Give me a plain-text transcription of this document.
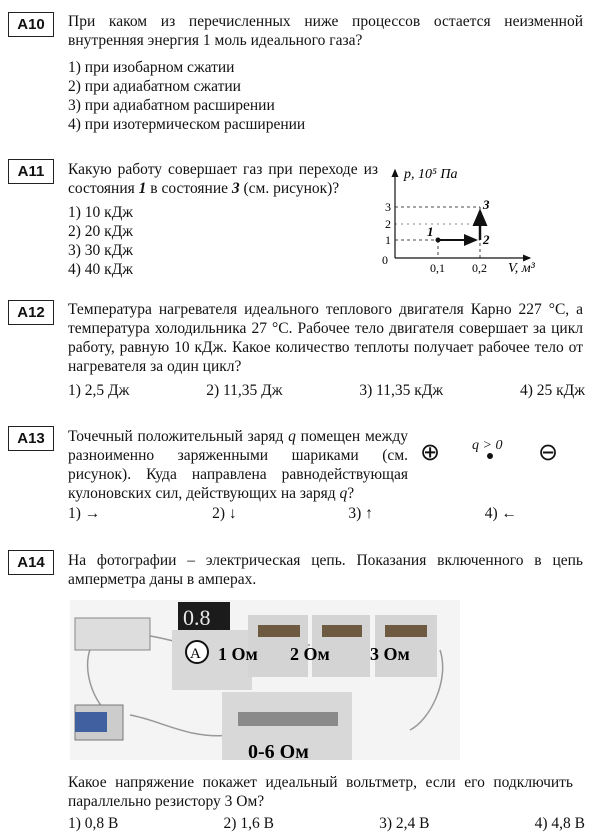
А10	При каком из перечисленных ниже процессов остается неизменной внутренняя энергия 1 моль идеального газа?
1) при изобарном сжатии
2) при адиабатном сжатии
3) при адиабатном расширении
4) при изотермическом расширении
А11	Какую работу совершает газ при переходе из состояния 1 в состояние 3 (см. рисунок)?
1) 10 кДж
2) 20 кДж
3) 30 кДж
4) 40 кДж
p, 10⁵ Па
V, м³
0
1
2
3
0,1 0,2
1
2
3
А12	Температура нагревателя идеального теплового двигателя Карно 227 °С, а температура холодильника 27 °С. Рабочее тело двигателя совершает за цикл работу, равную 10 кДж. Какое количество теплоты получает рабочее тело от нагревателя за один цикл?
1) 2,5 Дж	2) 11,35 Дж	3) 11,35 кДж	4) 25 кДж
А13	Точечный положительный заряд q помещен между разноименно заряженными шариками (см. рисунок). Куда направлена равнодействующая кулоновских сил, действующих на заряд q?
1) →	2) ↓	3) ↑	4) ←
⊕ q > 0 ⊖
А14	На фотографии – электрическая цепь. Показания включенного в цепь амперметра даны в амперах.
0.8
A 1 Ом 2 Ом 3 Ом
0-6 Ом
Какое напряжение покажет идеальный вольтметр, если его подключить параллельно резистору 3 Ом?
1) 0,8 В	2) 1,6 В	3) 2,4 В	4) 4,8 В
